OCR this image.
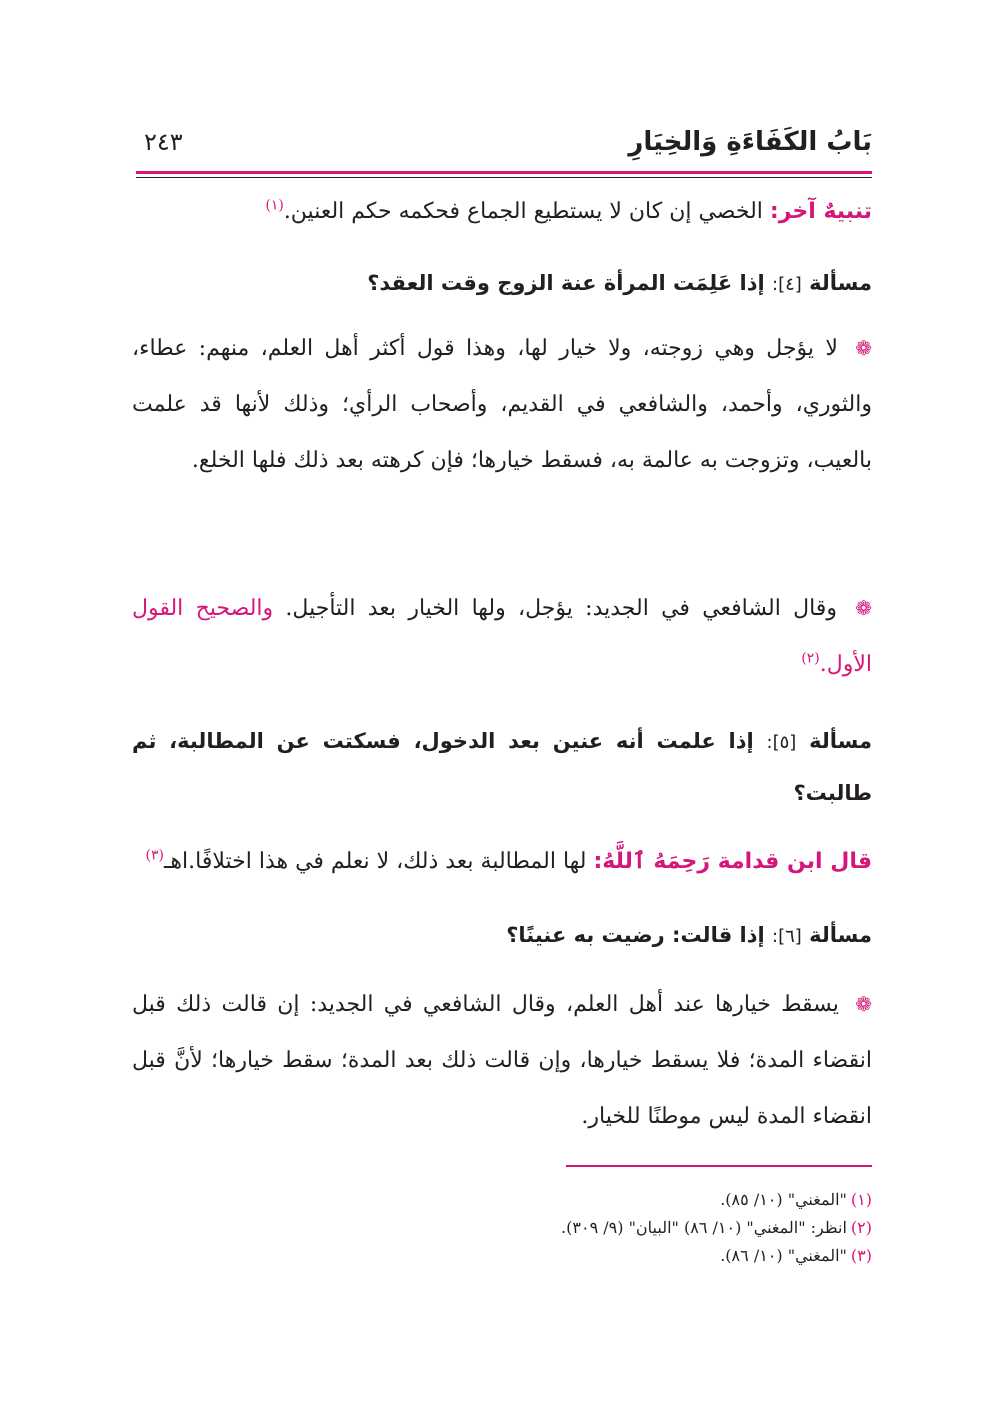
بَابُ الكَفَاءَةِ وَالخِيَارِ
٢٤٣
تنبيهٌ آخر: الخصي إن كان لا يستطيع الجماع فحكمه حكم العنين.$^{(١)}$
مسألة [٤]: إذا عَلِمَت المرأة عنة الزوج وقت العقد؟
❁ لا يؤجل وهي زوجته، ولا خيار لها، وهذا قول أكثر أهل العلم، منهم: عطاء، والثوري، وأحمد، والشافعي في القديم، وأصحاب الرأي؛ وذلك لأنها قد علمت بالعيب، وتزوجت به عالمة به، فسقط خيارها؛ فإن كرهته بعد ذلك فلها الخلع.
❁ وقال الشافعي في الجديد: يؤجل، ولها الخيار بعد التأجيل. والصحيح القول الأول.$^{(٢)}$
مسألة [٥]: إذا علمت أنه عنين بعد الدخول، فسكتت عن المطالبة، ثم طالبت؟
قال ابن قدامة رَحِمَهُ ٱللَّهُ: لها المطالبة بعد ذلك، لا نعلم في هذا اختلافًا.اهـ$^{(٣)}$
مسألة [٦]: إذا قالت: رضيت به عنينًا؟
❁ يسقط خيارها عند أهل العلم، وقال الشافعي في الجديد: إن قالت ذلك قبل انقضاء المدة؛ فلا يسقط خيارها، وإن قالت ذلك بعد المدة؛ سقط خيارها؛ لأنَّ قبل انقضاء المدة ليس موطنًا للخيار.
(١)"المغني" (١٠/ ٨٥).
(٢)انظر: "المغني" (١٠/ ٨٦) "البيان" (٩/ ٣٠٩).
(٣)"المغني" (١٠/ ٨٦).
